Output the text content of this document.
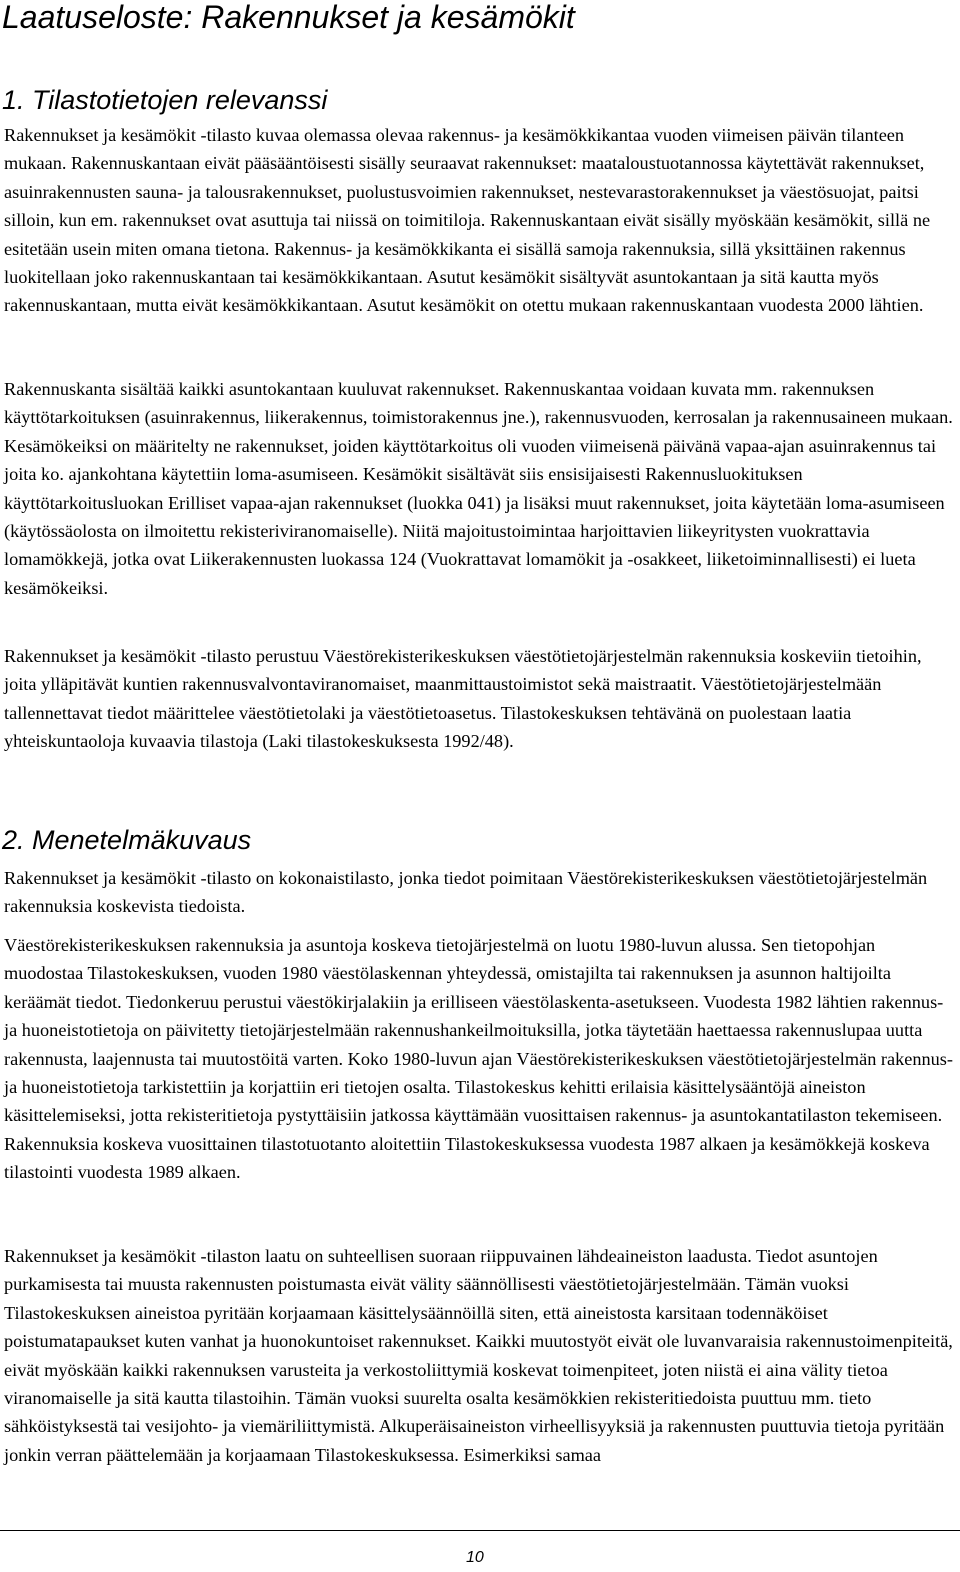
Laatuseloste: Rakennukset ja kesämökit
1. Tilastotietojen relevanssi

Rakennukset ja kesämökit -tilasto kuvaa olemassa olevaa rakennus- ja kesämökkikantaa vuoden viimeisen päivän tilanteen mukaan. Rakennuskantaan eivät pääsääntöisesti sisälly seuraavat rakennukset: maataloustuotannossa käytettävät rakennukset, asuinrakennusten sauna- ja talousrakennukset, puolustusvoimien rakennukset, nestevarastorakennukset ja väestösuojat, paitsi silloin, kun em. rakennukset ovat asuttuja tai niissä on toimitiloja. Rakennuskantaan eivät sisälly myöskään kesämökit, sillä ne esitetään usein miten omana tietona. Rakennus- ja kesämökkikanta ei sisällä samoja rakennuksia, sillä yksittäinen rakennus luokitellaan joko rakennuskantaan tai kesämökkikantaan. Asutut kesämökit sisältyvät asuntokantaan ja sitä kautta myös rakennuskantaan, mutta eivät kesämökkikantaan. Asutut kesämökit on otettu mukaan rakennuskantaan vuodesta 2000 lähtien.

Rakennuskanta sisältää kaikki asuntokantaan kuuluvat rakennukset. Rakennuskantaa voidaan kuvata mm. rakennuksen käyttötarkoituksen (asuinrakennus, liikerakennus, toimistorakennus jne.), rakennusvuoden, kerrosalan ja rakennusaineen mukaan. Kesämökeiksi on määritelty ne rakennukset, joiden käyttötarkoitus oli vuoden viimeisenä päivänä vapaa-ajan asuinrakennus tai joita ko. ajankohtana käytettiin loma-asumiseen. Kesämökit sisältävät siis ensisijaisesti Rakennusluokituksen käyttötarkoitusluokan Erilliset vapaa-ajan rakennukset (luokka 041) ja lisäksi muut rakennukset, joita käytetään loma-asumiseen (käytössäolosta on ilmoitettu rekisteriviranomaiselle). Niitä majoitustoimintaa harjoittavien liikeyritysten vuokrattavia lomamökkejä, jotka ovat Liikerakennusten luokassa 124 (Vuokrattavat lomamökit ja -osakkeet, liiketoiminnallisesti) ei lueta kesämökeiksi.

Rakennukset ja kesämökit -tilasto perustuu Väestörekisterikeskuksen väestötietojärjestelmän rakennuksia koskeviin tietoihin, joita ylläpitävät kuntien rakennusvalvontaviranomaiset, maanmittaustoimistot sekä maistraatit. Väestötietojärjestelmään tallennettavat tiedot määrittelee väestötietolaki ja väestötietoasetus. Tilastokeskuksen tehtävänä on puolestaan laatia yhteiskuntaoloja kuvaavia tilastoja (Laki tilastokeskuksesta 1992/48).

2. Menetelmäkuvaus

Rakennukset ja kesämökit -tilasto on kokonaistilasto, jonka tiedot poimitaan Väestörekisterikeskuksen väestötietojärjestelmän rakennuksia koskevista tiedoista.

Väestörekisterikeskuksen rakennuksia ja asuntoja koskeva tietojärjestelmä on luotu 1980-luvun alussa. Sen tietopohjan muodostaa Tilastokeskuksen, vuoden 1980 väestölaskennan yhteydessä, omistajilta tai rakennuksen ja asunnon haltijoilta keräämät tiedot. Tiedonkeruu perustui väestökirjalakiin ja erilliseen väestölaskenta-asetukseen. Vuodesta 1982 lähtien rakennus- ja huoneistotietoja on päivitetty tietojärjestelmään rakennushankeilmoituksilla, jotka täytetään haettaessa rakennuslupaa uutta rakennusta, laajennusta tai muutostöitä varten. Koko 1980-luvun ajan Väestörekisterikeskuksen väestötietojärjestelmän rakennus- ja huoneistotietoja tarkistettiin ja korjattiin eri tietojen osalta. Tilastokeskus kehitti erilaisia käsittelysääntöjä aineiston käsittelemiseksi, jotta rekisteritietoja pystyttäisiin jatkossa käyttämään vuosittaisen rakennus- ja asuntokantatilaston tekemiseen. Rakennuksia koskeva vuosittainen tilastotuotanto aloitettiin Tilastokeskuksessa vuodesta 1987 alkaen ja kesämökkejä koskeva tilastointi vuodesta 1989 alkaen.

Rakennukset ja kesämökit -tilaston laatu on suhteellisen suoraan riippuvainen lähdeaineiston laadusta. Tiedot asuntojen purkamisesta tai muusta rakennusten poistumasta eivät välity säännöllisesti väestötietojärjestelmään. Tämän vuoksi Tilastokeskuksen aineistoa pyritään korjaamaan käsittelysäännöillä siten, että aineistosta karsitaan todennäköiset poistumatapaukset kuten vanhat ja huonokuntoiset rakennukset. Kaikki muutostyöt eivät ole luvanvaraisia rakennustoimenpiteitä, eivät myöskään kaikki rakennuksen varusteita ja verkostoliittymiä koskevat toimenpiteet, joten niistä ei aina välity tietoa viranomaiselle ja sitä kautta tilastoihin. Tämän vuoksi suurelta osalta kesämökkien rekisteritiedoista puuttuu mm. tieto sähköistyksestä tai vesijohto- ja viemäriliittymistä. Alkuperäisaineiston virheellisyyksiä ja rakennusten puuttuvia tietoja pyritään jonkin verran päättelemään ja korjaamaan Tilastokeskuksessa. Esimerkiksi samaa

10
